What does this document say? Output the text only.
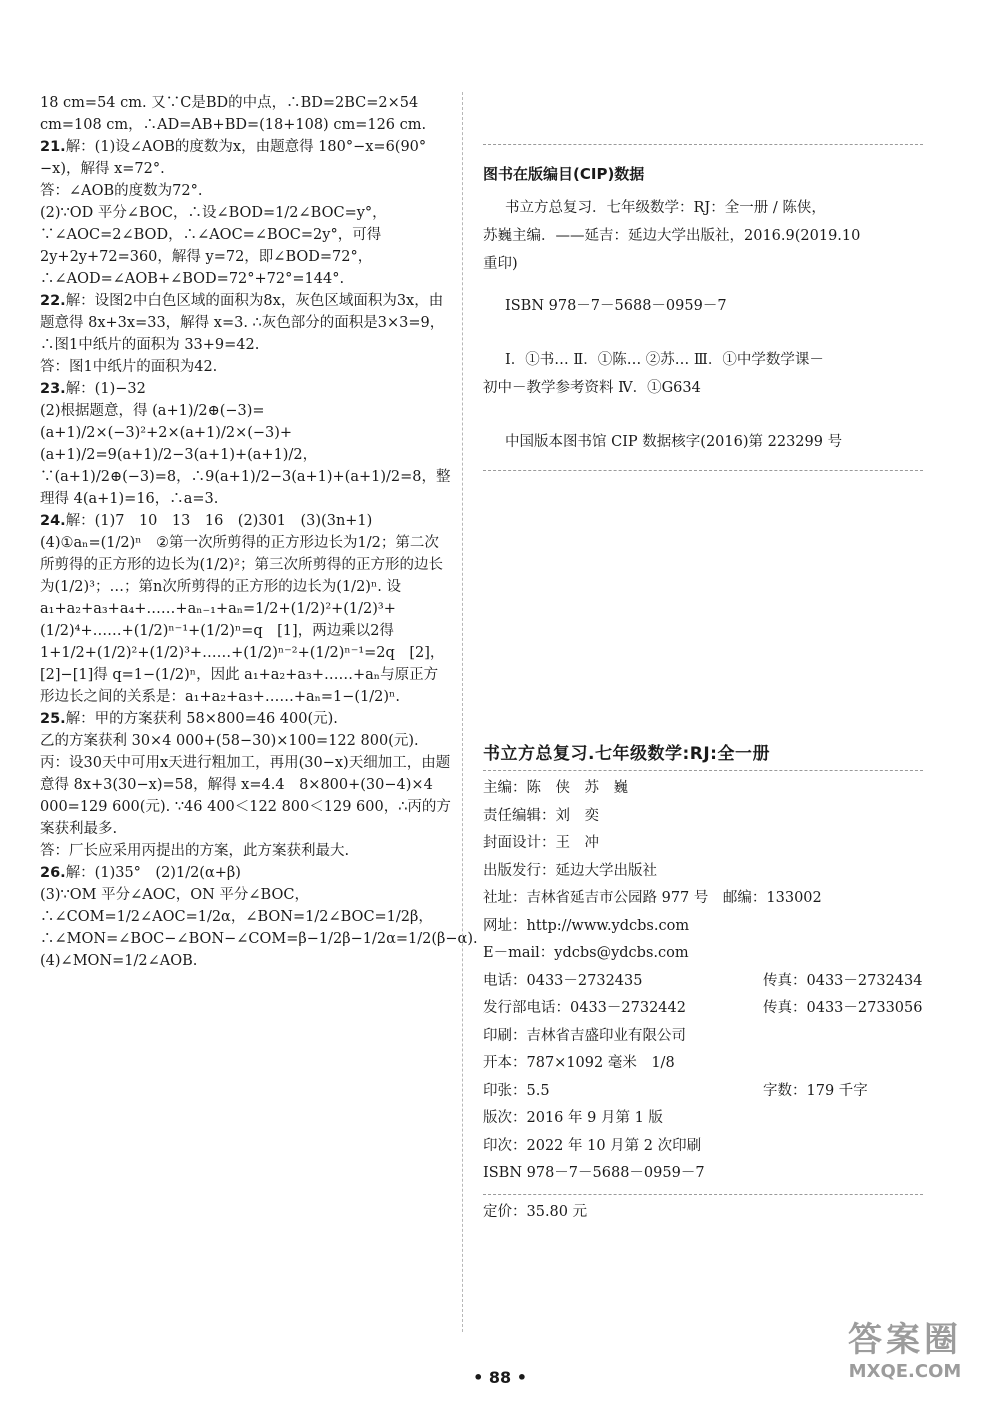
18 cm=54 cm. 又∵C是BD的中点，∴BD=2BC=2×54 cm=108 cm，∴AD=AB+BD=(18+108) cm=126 cm.

21.解：(1)设∠AOB的度数为x，由题意得 180°−x=6(90°−x)，解得 x=72°.

答：∠AOB的度数为72°.

(2)∵OD 平分∠BOC，∴设∠BOD=1/2∠BOC=y°，∵∠AOC=2∠BOD，∴∠AOC=∠BOC=2y°，可得 2y+2y+72=360，解得 y=72，即∠BOD=72°，∴∠AOD=∠AOB+∠BOD=72°+72°=144°.

22.解：设图2中白色区域的面积为8x，灰色区域面积为3x，由题意得 8x+3x=33，解得 x=3. ∴灰色部分的面积是3×3=9，∴图1中纸片的面积为 33+9=42.

答：图1中纸片的面积为42.

23.解：(1)−32

(2)根据题意，得 (a+1)/2⊕(−3)=(a+1)/2×(−3)²+2×(a+1)/2×(−3)+(a+1)/2=9(a+1)/2−3(a+1)+(a+1)/2，∵(a+1)/2⊕(−3)=8，∴9(a+1)/2−3(a+1)+(a+1)/2=8，整理得 4(a+1)=16，∴a=3.

24.解：(1)7　10　13　16　(2)301　(3)(3n+1)

(4)①aₙ=(1/2)ⁿ　②第一次所剪得的正方形边长为1/2；第二次所剪得的正方形的边长为(1/2)²；第三次所剪得的正方形的边长为(1/2)³；…；第n次所剪得的正方形的边长为(1/2)ⁿ. 设 a₁+a₂+a₃+a₄+……+aₙ₋₁+aₙ=1/2+(1/2)²+(1/2)³+(1/2)⁴+……+(1/2)ⁿ⁻¹+(1/2)ⁿ=q　[1]，两边乘以2得 1+1/2+(1/2)²+(1/2)³+……+(1/2)ⁿ⁻²+(1/2)ⁿ⁻¹=2q　[2]，[2]−[1]得 q=1−(1/2)ⁿ，因此 a₁+a₂+a₃+……+aₙ与原正方形边长之间的关系是：a₁+a₂+a₃+……+aₙ=1−(1/2)ⁿ.

25.解：甲的方案获利 58×800=46 400(元).

乙的方案获利 30×4 000+(58−30)×100=122 800(元).

丙：设30天中可用x天进行粗加工，再用(30−x)天细加工，由题意得 8x+3(30−x)=58，解得 x=4.4　8×800+(30−4)×4 000=129 600(元). ∵46 400＜122 800＜129 600，∴丙的方案获利最多.

答：厂长应采用丙提出的方案，此方案获利最大.

26.解：(1)35°　(2)1/2(α+β)

(3)∵OM 平分∠AOC，ON 平分∠BOC，∴∠COM=1/2∠AOC=1/2α，∠BON=1/2∠BOC=1/2β，∴∠MON=∠BOC−∠BON−∠COM=β−1/2β−1/2α=1/2(β−α).

(4)∠MON=1/2∠AOB.

图书在版编目(CIP)数据

书立方总复习．七年级数学：RJ：全一册 / 陈侠，

苏巍主编．——延吉：延边大学出版社，2016.9(2019.10

重印)

ISBN 978－7－5688－0959－7

Ⅰ．①书… Ⅱ．①陈… ②苏… Ⅲ．①中学数学课－

初中－教学参考资料 Ⅳ．①G634

中国版本图书馆 CIP 数据核字(2016)第 223299 号

书立方总复习.七年级数学:RJ:全一册

主编：陈　侠　苏　巍

责任编辑：刘　奕

封面设计：王　冲

出版发行：延边大学出版社

社址：吉林省延吉市公园路 977 号　邮编：133002

网址：http://www.ydcbs.com

E－mail：ydcbs@ydcbs.com

电话：0433－2732435	传真：0433－2732434

发行部电话：0433－2732442	传真：0433－2733056

印刷：吉林省吉盛印业有限公司

开本：787×1092 毫米　1/8

印张：5.5	字数：179 千字

版次：2016 年 9 月第 1 版

印次：2022 年 10 月第 2 次印刷

ISBN 978－7－5688－0959－7

定价：35.80 元

• 88 •
答案圈
MXQE.COM
